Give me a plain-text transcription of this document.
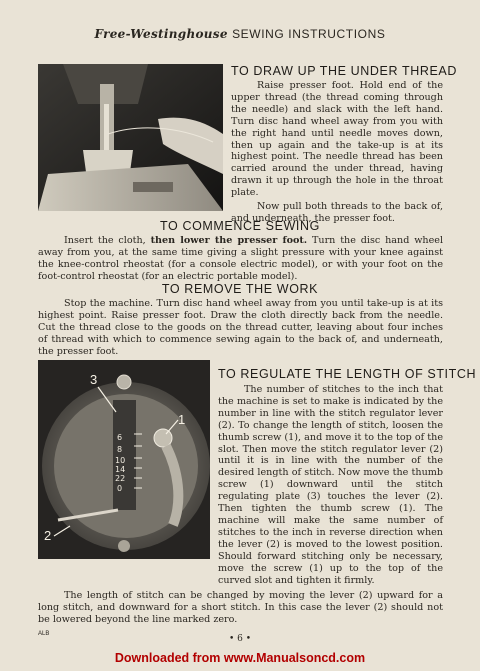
Free-Westinghouse SEWING INSTRUCTIONS
TO DRAW UP THE UNDER THREAD

Raise presser foot. Hold end of the upper thread (the thread coming through the needle) and slack with the left hand. Turn disc hand wheel away from you with the right hand until needle moves down, then up again and the take-up is at its highest point. The needle thread has been carried around the under thread, having drawn it up through the hole in the throat plate.

Now pull both threads to the back of, and underneath, the presser foot.

TO COMMENCE SEWING

Insert the cloth, then lower the presser foot. Turn the disc hand wheel away from you, at the same time giving a slight pressure with your knee against the knee-control rheostat (for a console electric model), or with your foot on the foot-control rheostat (for an electric portable model).

TO REMOVE THE WORK

Stop the machine. Turn disc hand wheel away from you until take-up is at its highest point. Raise presser foot. Draw the cloth directly back from the needle. Cut the thread close to the goods on the thread cutter, leaving about four inches of thread with which to commence sewing again to the back of, and underneath, the presser foot.

6
8
10
14
22
0
3
1
2
TO REGULATE THE LENGTH OF STITCH

The number of stitches to the inch that the machine is set to make is indicated by the number in line with the stitch regulator lever (2). To change the length of stitch, loosen the thumb screw (1), and move it to the top of the slot. Then move the stitch regulator lever (2) until it is in line with the number of the desired length of stitch. Now move the thumb screw (1) downward until the stitch regulating plate (3) touches the lever (2). Then tighten the thumb screw (1). The machine will make the same number of stitches to the inch in reverse direction when the lever (2) is moved to the lowest position. Should forward stitching only be necessary, move the screw (1) up to the top of the curved slot and tighten it firmly.

The length of stitch can be changed by moving the lever (2) upward for a long stitch, and downward for a short stitch. In this case the lever (2) should not be lowered beyond the line marked zero.

ALB	• 6 •
Downloaded from www.Manualsoncd.com
